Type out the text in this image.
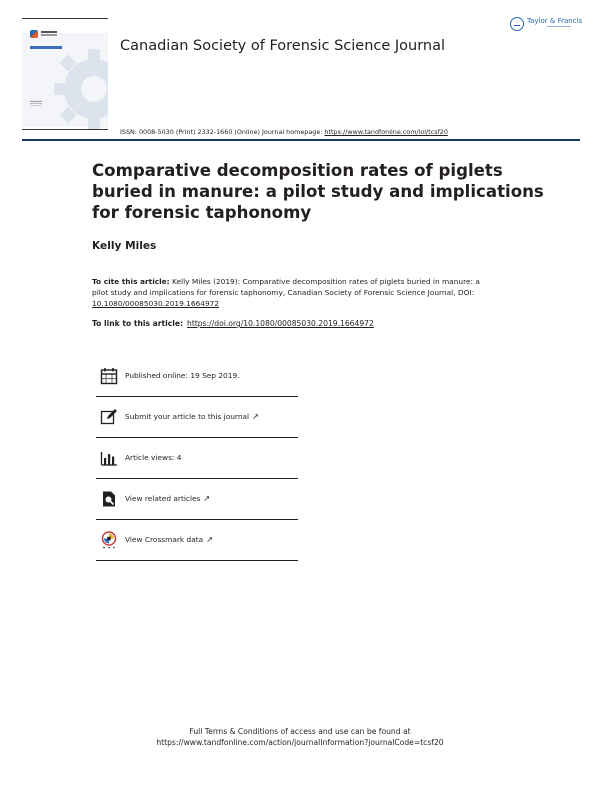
Canadian Society of Forensic Science Journal
Taylor & Francis
ISSN: 0008-5030 (Print) 2332-1660 (Online) Journal homepage: https://www.tandfonline.com/loi/tcsf20
Comparative decomposition rates of piglets buried in manure: a pilot study and implications for forensic taphonomy
Kelly Miles

To cite this article: Kelly Miles (2019): Comparative decomposition rates of piglets buried in manure: a pilot study and implications for forensic taphonomy, Canadian Society of Forensic Science Journal, DOI: 10.1080/00085030.2019.1664972

To link to this article: https://doi.org/10.1080/00085030.2019.1664972
Published online: 19 Sep 2019.
Submit your article to this journal ↗
Article views: 4
View related articles ↗
View Crossmark data ↗
Full Terms & Conditions of access and use can be found at
https://www.tandfonline.com/action/journalInformation?journalCode=tcsf20
